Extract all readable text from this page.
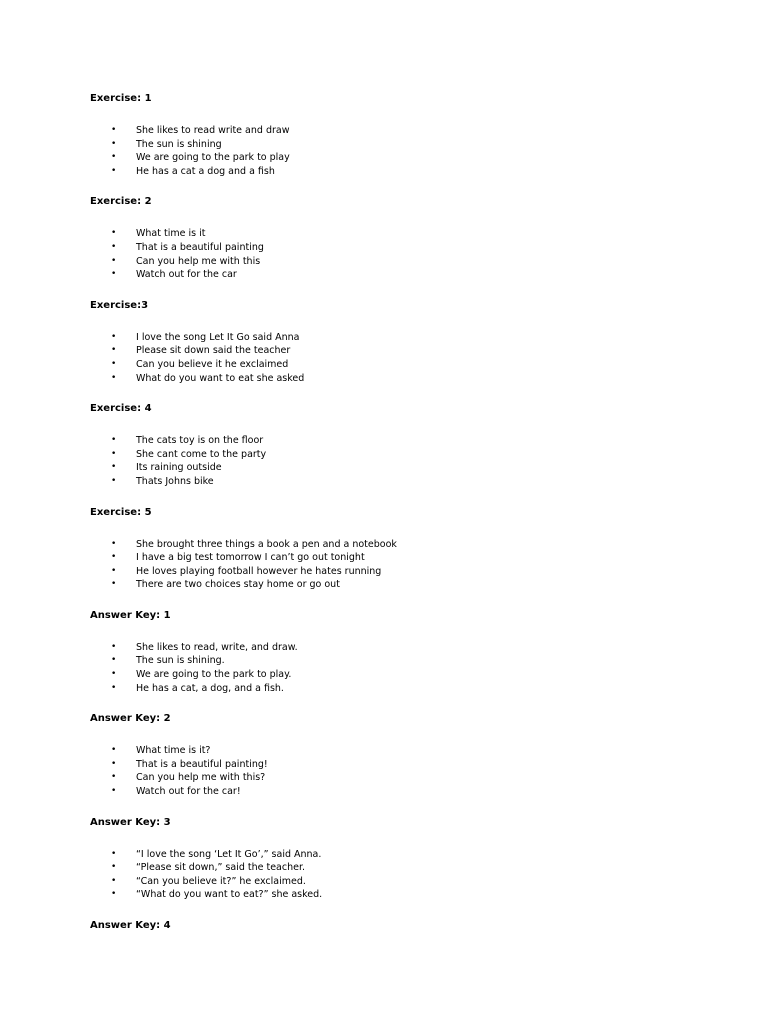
Exercise: 1
• She likes to read write and draw
• The sun is shining
• We are going to the park to play
• He has a cat a dog and a fish
Exercise: 2
• What time is it
• That is a beautiful painting
• Can you help me with this
• Watch out for the car
Exercise:3
• I love the song Let It Go said Anna
• Please sit down said the teacher
• Can you believe it he exclaimed
• What do you want to eat she asked
Exercise: 4
• The cats toy is on the floor
• She cant come to the party
• Its raining outside
• Thats Johns bike
Exercise: 5
• She brought three things a book a pen and a notebook
• I have a big test tomorrow I can’t go out tonight
• He loves playing football however he hates running
• There are two choices stay home or go out
Answer Key: 1
• She likes to read, write, and draw.
• The sun is shining.
• We are going to the park to play.
• He has a cat, a dog, and a fish.
Answer Key: 2
• What time is it?
• That is a beautiful painting!
• Can you help me with this?
• Watch out for the car!
Answer Key: 3
• “I love the song ‘Let It Go’,” said Anna.
• “Please sit down,” said the teacher.
• “Can you believe it?” he exclaimed.
• “What do you want to eat?” she asked.
Answer Key: 4
